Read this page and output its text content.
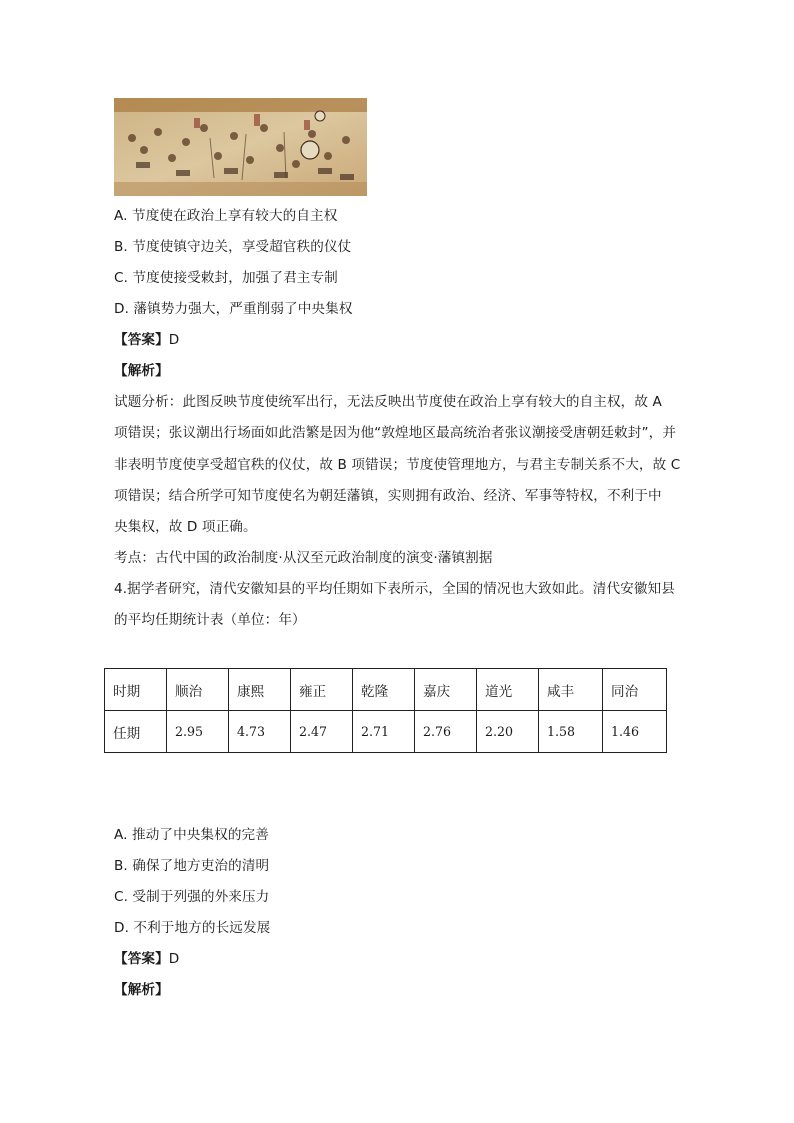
A. 节度使在政治上享有较大的自主权
B. 节度使镇守边关，享受超官秩的仪仗
C. 节度使接受敕封，加强了君主专制
D. 藩镇势力强大，严重削弱了中央集权
【答案】D
【解析】
试题分析：此图反映节度使统军出行，无法反映出节度使在政治上享有较大的自主权，故 A
项错误；张议潮出行场面如此浩繁是因为他“敦煌地区最高统治者张议潮接受唐朝廷敕封”，并
非表明节度使享受超官秩的仪仗，故 B 项错误；节度使管理地方，与君主专制关系不大，故 C
项错误；结合所学可知节度使名为朝廷藩镇，实则拥有政治、经济、军事等特权，不利于中
央集权，故 D 项正确。
考点：古代中国的政治制度·从汉至元政治制度的演变·藩镇割据
4.据学者研究，清代安徽知县的平均任期如下表所示，全国的情况也大致如此。清代安徽知县
的平均任期统计表（单位：年）
时期	顺治	康熙	雍正	乾隆	嘉庆	道光	咸丰	同治
任期	2.95	4.73	2.47	2.71	2.76	2.20	1.58	1.46
A. 推动了中央集权的完善
B. 确保了地方吏治的清明
C. 受制于列强的外来压力
D. 不利于地方的长远发展
【答案】D
【解析】
